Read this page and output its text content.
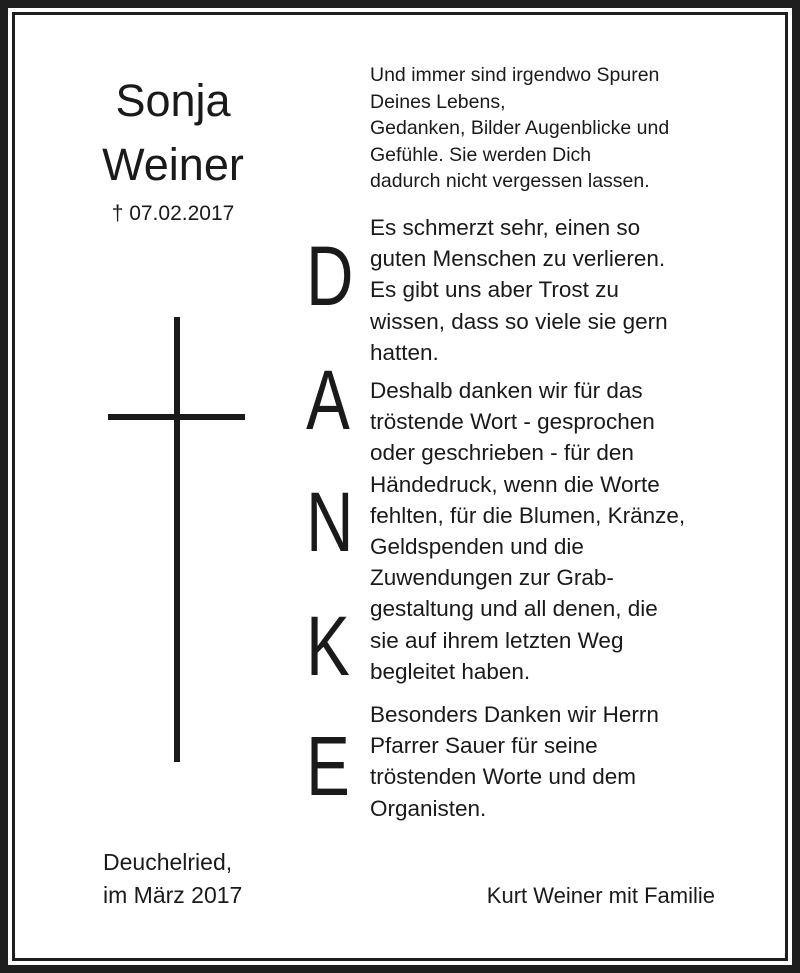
Sonja
Weiner
† 07.02.2017
Und immer sind irgendwo Spuren
Deines Lebens,
Gedanken, Bilder Augenblicke und
Gefühle. Sie werden Dich
dadurch nicht vergessen lassen.
D
A
N
K
E
Es schmerzt sehr, einen so
guten Menschen zu verlieren.
Es gibt uns aber Trost zu
wissen, dass so viele sie gern
hatten.
Deshalb danken wir für das
tröstende Wort - gesprochen
oder geschrieben - für den
Händedruck, wenn die Worte
fehlten, für die Blumen, Kränze,
Geldspenden und die
Zuwendungen zur Grab-
gestaltung und all denen, die
sie auf ihrem letzten Weg
begleitet haben.
Besonders Danken wir Herrn
Pfarrer Sauer für seine
tröstenden Worte und dem
Organisten.
Deuchelried,
im März 2017	Kurt Weiner mit Familie
